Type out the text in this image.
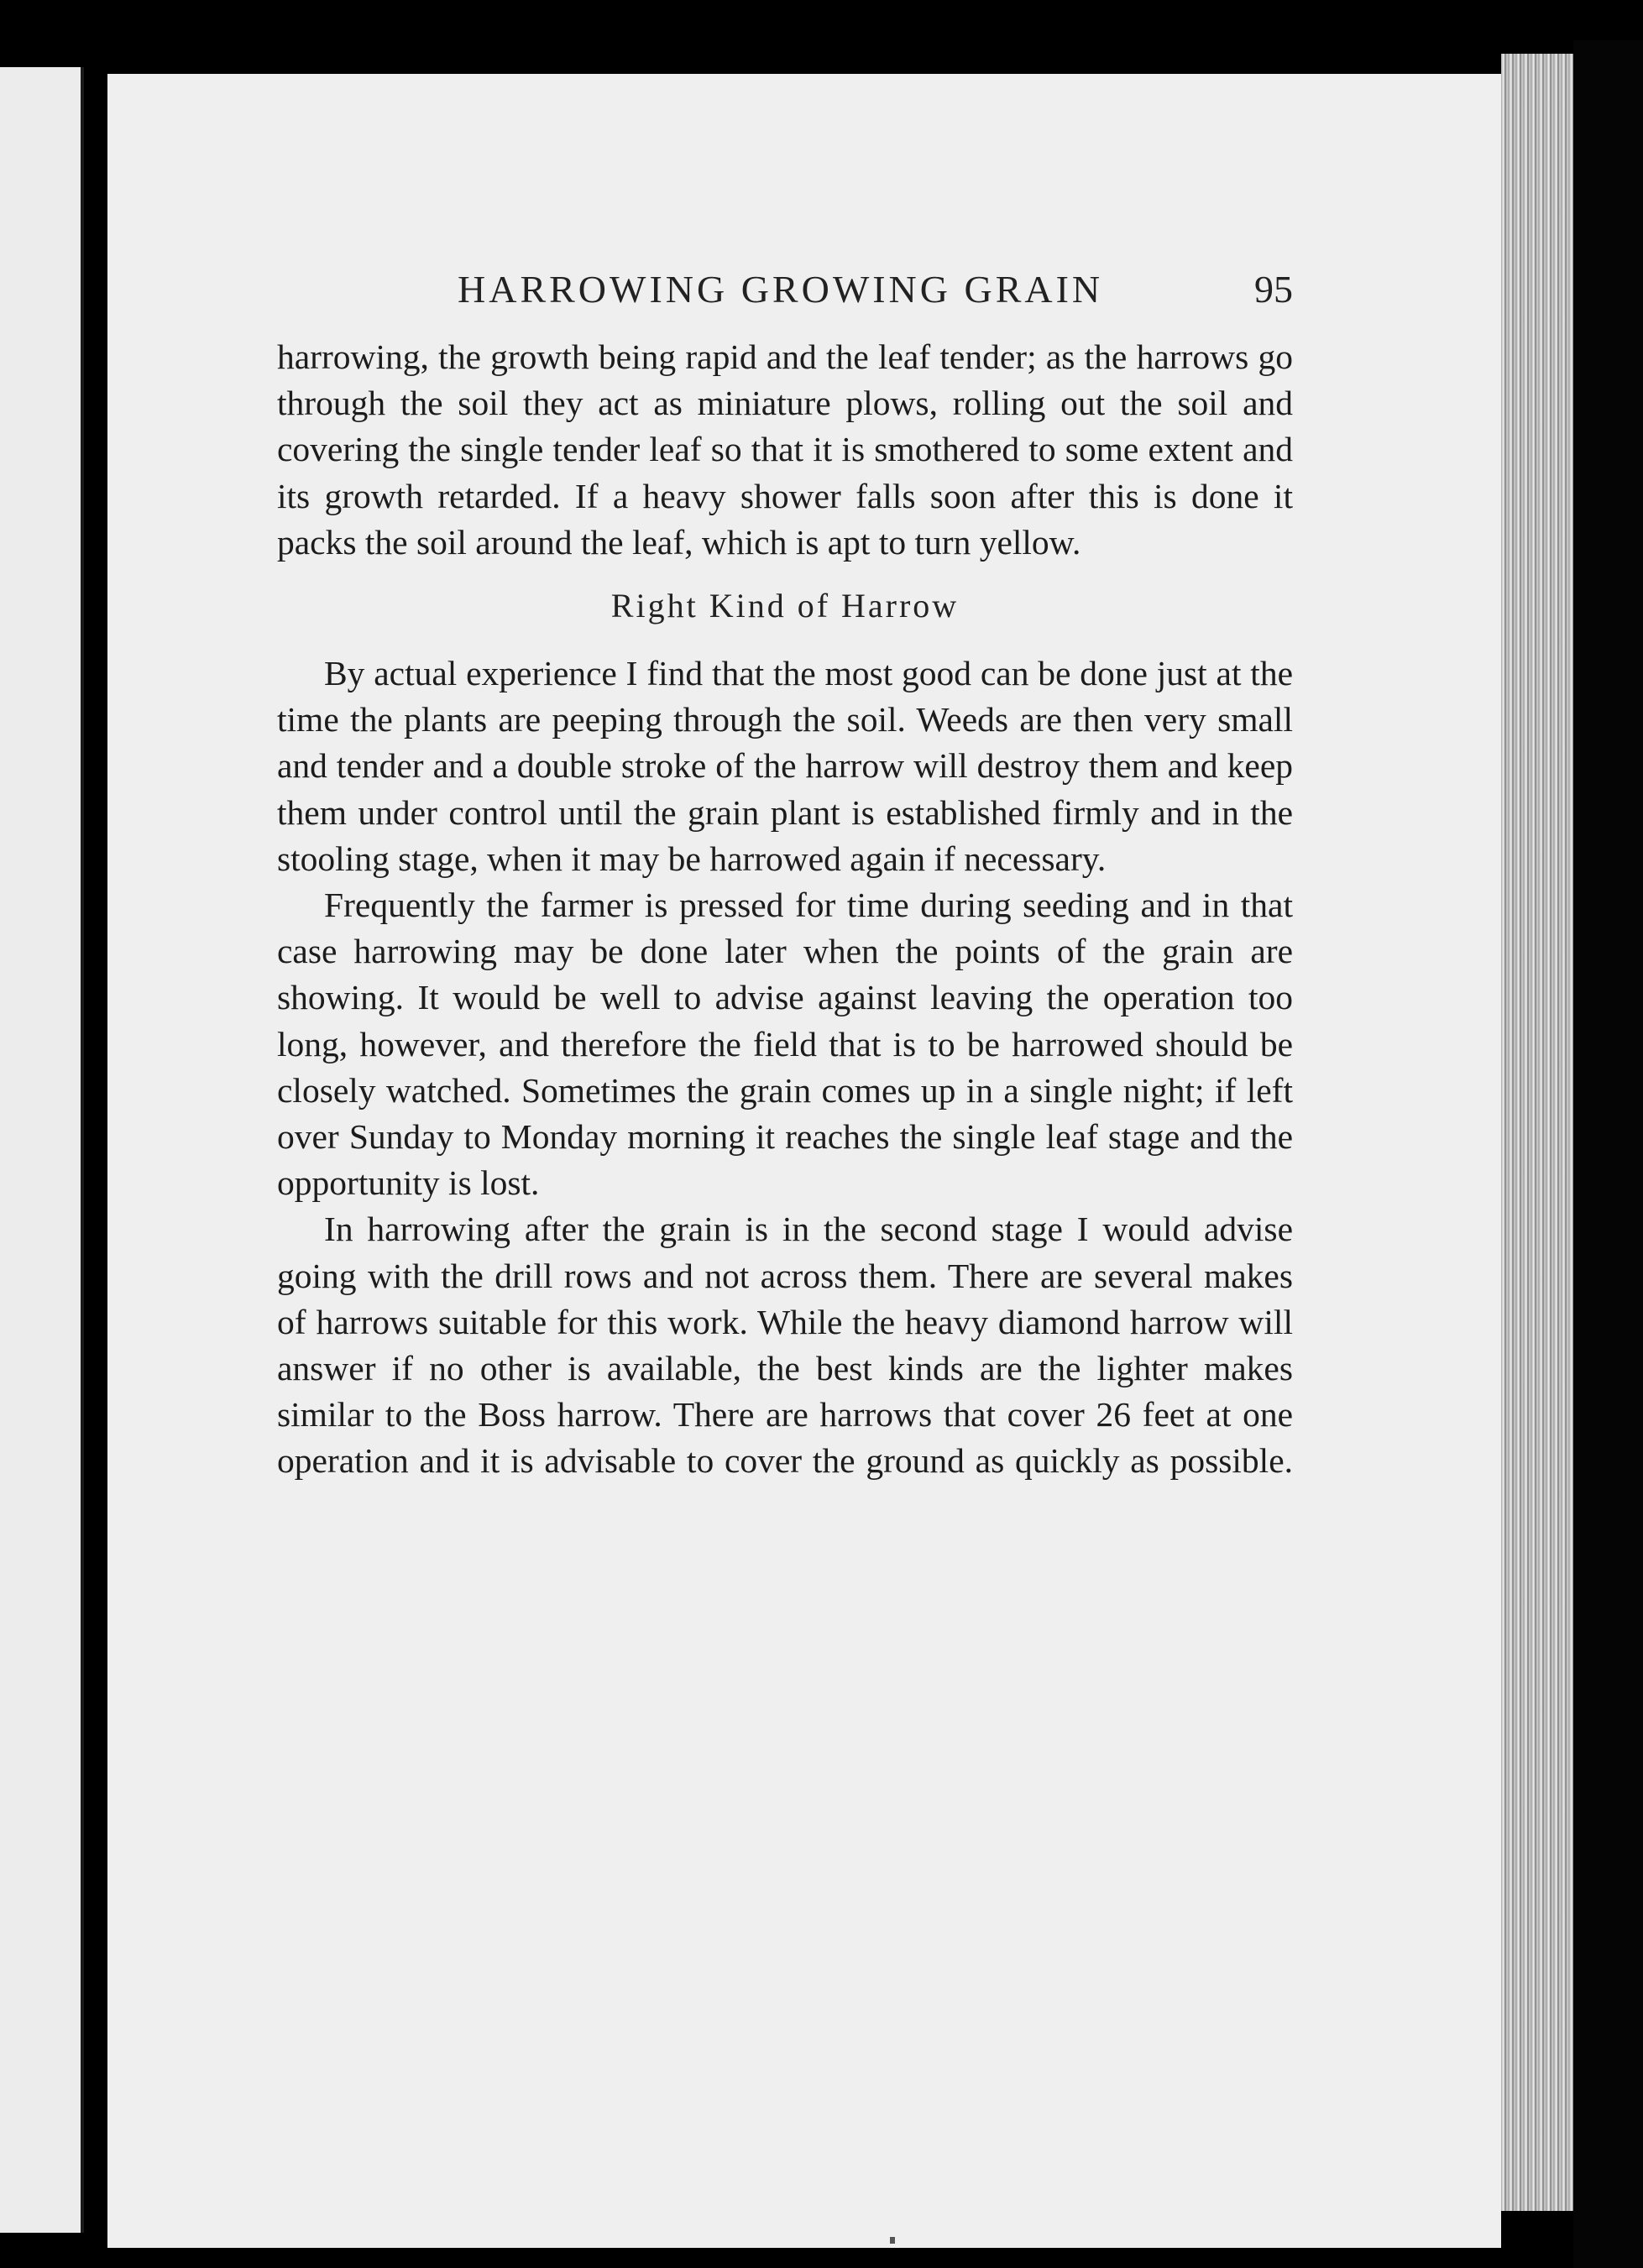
HARROWING GROWING GRAIN	95

harrowing, the growth being rapid and the leaf tender; as the harrows go through the soil they act as miniature plows, rolling out the soil and covering the single tender leaf so that it is smothered to some extent and its growth retarded. If a heavy shower falls soon after this is done it packs the soil around the leaf, which is apt to turn yellow.

Right Kind of Harrow

By actual experience I find that the most good can be done just at the time the plants are peeping through the soil. Weeds are then very small and tender and a double stroke of the harrow will destroy them and keep them under control until the grain plant is established firmly and in the stooling stage, when it may be harrowed again if necessary.

Frequently the farmer is pressed for time during seeding and in that case harrowing may be done later when the points of the grain are showing. It would be well to advise against leaving the operation too long, however, and therefore the field that is to be harrowed should be closely watched. Sometimes the grain comes up in a single night; if left over Sunday to Monday morning it reaches the single leaf stage and the opportunity is lost.

In harrowing after the grain is in the second stage I would advise going with the drill rows and not across them. There are several makes of harrows suitable for this work. While the heavy diamond harrow will answer if no other is available, the best kinds are the lighter makes similar to the Boss harrow. There are harrows that cover 26 feet at one operation and it is advisable to cover the ground as quickly as possible.
